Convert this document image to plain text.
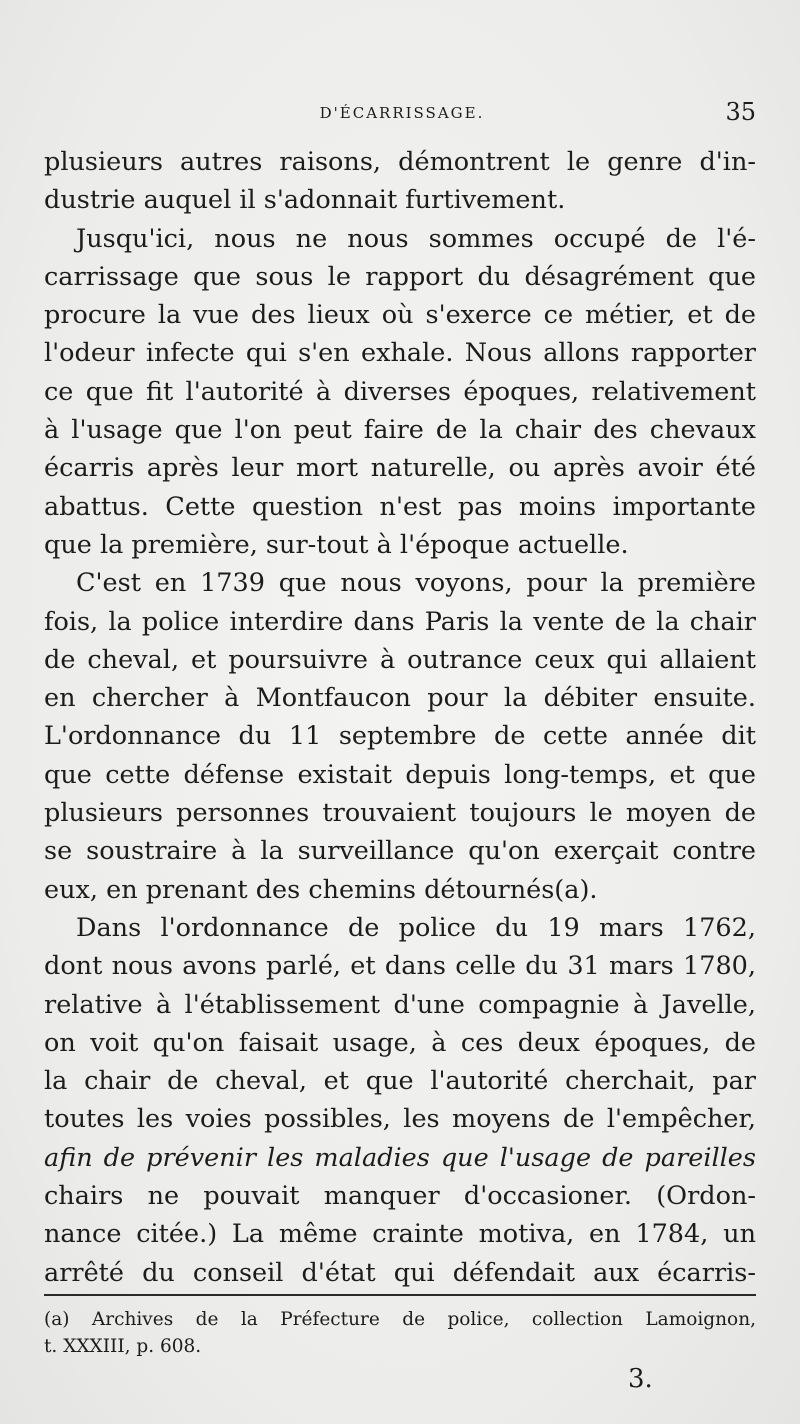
D'ÉCARRISSAGE.	35
plusieurs autres raisons, démontrent le genre d'in-
dustrie auquel il s'adonnait furtivement.
Jusqu'ici, nous ne nous sommes occupé de l'é-
carrissage que sous le rapport du désagrément que
procure la vue des lieux où s'exerce ce métier, et de
l'odeur infecte qui s'en exhale. Nous allons rapporter
ce que fit l'autorité à diverses époques, relativement
à l'usage que l'on peut faire de la chair des chevaux
écarris après leur mort naturelle, ou après avoir été
abattus. Cette question n'est pas moins importante
que la première, sur-tout à l'époque actuelle.
C'est en 1739 que nous voyons, pour la première
fois, la police interdire dans Paris la vente de la chair
de cheval, et poursuivre à outrance ceux qui allaient
en chercher à Montfaucon pour la débiter ensuite.
L'ordonnance du 11 septembre de cette année dit
que cette défense existait depuis long-temps, et que
plusieurs personnes trouvaient toujours le moyen de
se soustraire à la surveillance qu'on exerçait contre
eux, en prenant des chemins détournés(a).
Dans l'ordonnance de police du 19 mars 1762,
dont nous avons parlé, et dans celle du 31 mars 1780,
relative à l'établissement d'une compagnie à Javelle,
on voit qu'on faisait usage, à ces deux époques, de
la chair de cheval, et que l'autorité cherchait, par
toutes les voies possibles, les moyens de l'empêcher,
afin de prévenir les maladies que l'usage de pareilles
chairs ne pouvait manquer d'occasioner. (Ordon-
nance citée.) La même crainte motiva, en 1784, un
arrêté du conseil d'état qui défendait aux écarris-
(a) Archives de la Préfecture de police, collection Lamoignon,
t. XXXIII, p. 608.
3.
